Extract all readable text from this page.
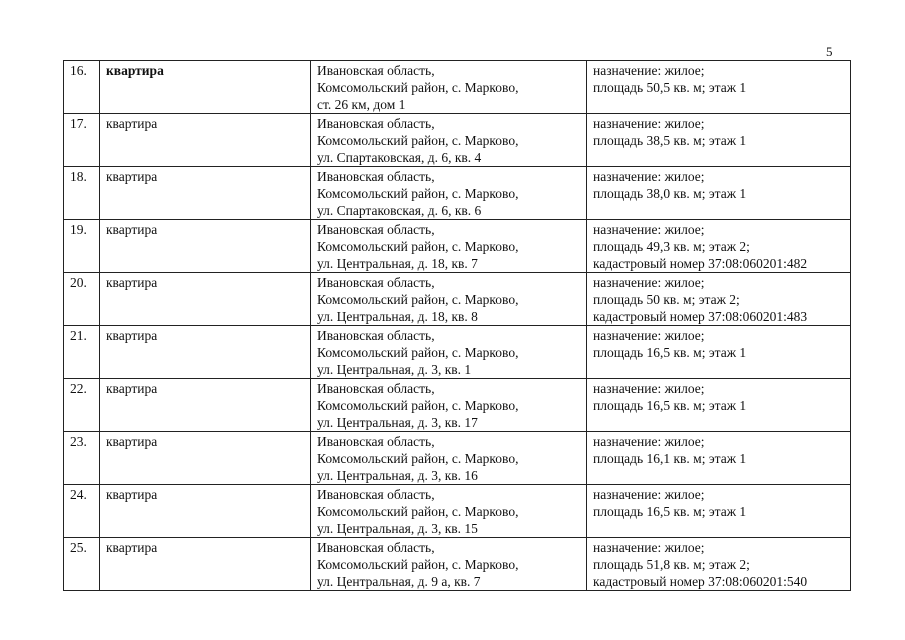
5
16.	квартира	Ивановская область,
Комсомольский район, с. Марково,
ст. 26 км, дом 1	назначение: жилое;
площадь 50,5 кв. м; этаж 1

17.	квартира	Ивановская область,
Комсомольский район, с. Марково,
ул. Спартаковская, д. 6, кв. 4	назначение: жилое;
площадь 38,5 кв. м; этаж 1

18.	квартира	Ивановская область,
Комсомольский район, с. Марково,
ул. Спартаковская, д. 6, кв. 6	назначение: жилое;
площадь 38,0 кв. м; этаж 1

19.	квартира	Ивановская область,
Комсомольский район, с. Марково,
ул. Центральная, д. 18, кв. 7	назначение: жилое;
площадь 49,3 кв. м; этаж 2;
кадастровый номер 37:08:060201:482

20.	квартира	Ивановская область,
Комсомольский район, с. Марково,
ул. Центральная, д. 18, кв. 8	назначение: жилое;
площадь 50 кв. м; этаж 2;
кадастровый номер 37:08:060201:483

21.	квартира	Ивановская область,
Комсомольский район, с. Марково,
ул. Центральная, д. 3, кв. 1	назначение: жилое;
площадь 16,5 кв. м; этаж 1

22.	квартира	Ивановская область,
Комсомольский район, с. Марково,
ул. Центральная, д. 3, кв. 17	назначение: жилое;
площадь 16,5 кв. м; этаж 1

23.	квартира	Ивановская область,
Комсомольский район, с. Марково,
ул. Центральная, д. 3, кв. 16	назначение: жилое;
площадь 16,1 кв. м; этаж 1

24.	квартира	Ивановская область,
Комсомольский район, с. Марково,
ул. Центральная, д. 3, кв. 15	назначение: жилое;
площадь 16,5 кв. м; этаж 1

25.	квартира	Ивановская область,
Комсомольский район, с. Марково,
ул. Центральная, д. 9 а, кв. 7	назначение: жилое;
площадь 51,8 кв. м; этаж 2;
кадастровый номер 37:08:060201:540
